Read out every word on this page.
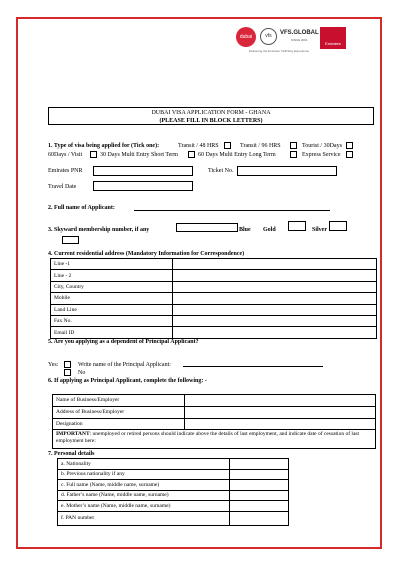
dubai	vfs	VFS.GLOBAL
SINCE 2001
Emirates
Delivering the Emirates Visit/Stay Experience
DUBAI VISA APPLICATION FORM - GHANA
(PLEASE FILL IN BLOCK LETTERS)
1. Type of visa being applied for (Tick one):	Transit / 48 HRS	Transit / 96 HRS	Tourist / 30Days
60Days / Visit	30 Days Multi Entry Short Term	60 Days Multi Entry Long Term	Express Service
Emirates PNR	Ticket No.
Travel Date
2. Full name of Applicant:
3. Skyward membership number, if any	Blue Gold	Silver
4. Current residential address (Mandatory Information for Correspondence)
Line -1	
Line - 2	
City, Country	
Mobile	
Land Line	
Fax No.	
Email ID	
5. Are you applying as a dependent of Principal Applicant?
Yes:	Write name of the Principal Applicant:
No
6. If applying as Principal Applicant, complete the following: -
Name of Business/Employer	
Address of Business/Employer	
Designation	
IMPORTANT: unemployed or retired persons should indicate above the details of last employment, and indicate date of cessation of last employment here:
7. Personal details
a. Nationality	
b. Previous nationality if any	
c. Full name (Name, middle name, surname)	
d. Father’s name (Name, middle name, surname)	
e. Mother’s name (Name, middle name, surname)	
f. PAN number	
